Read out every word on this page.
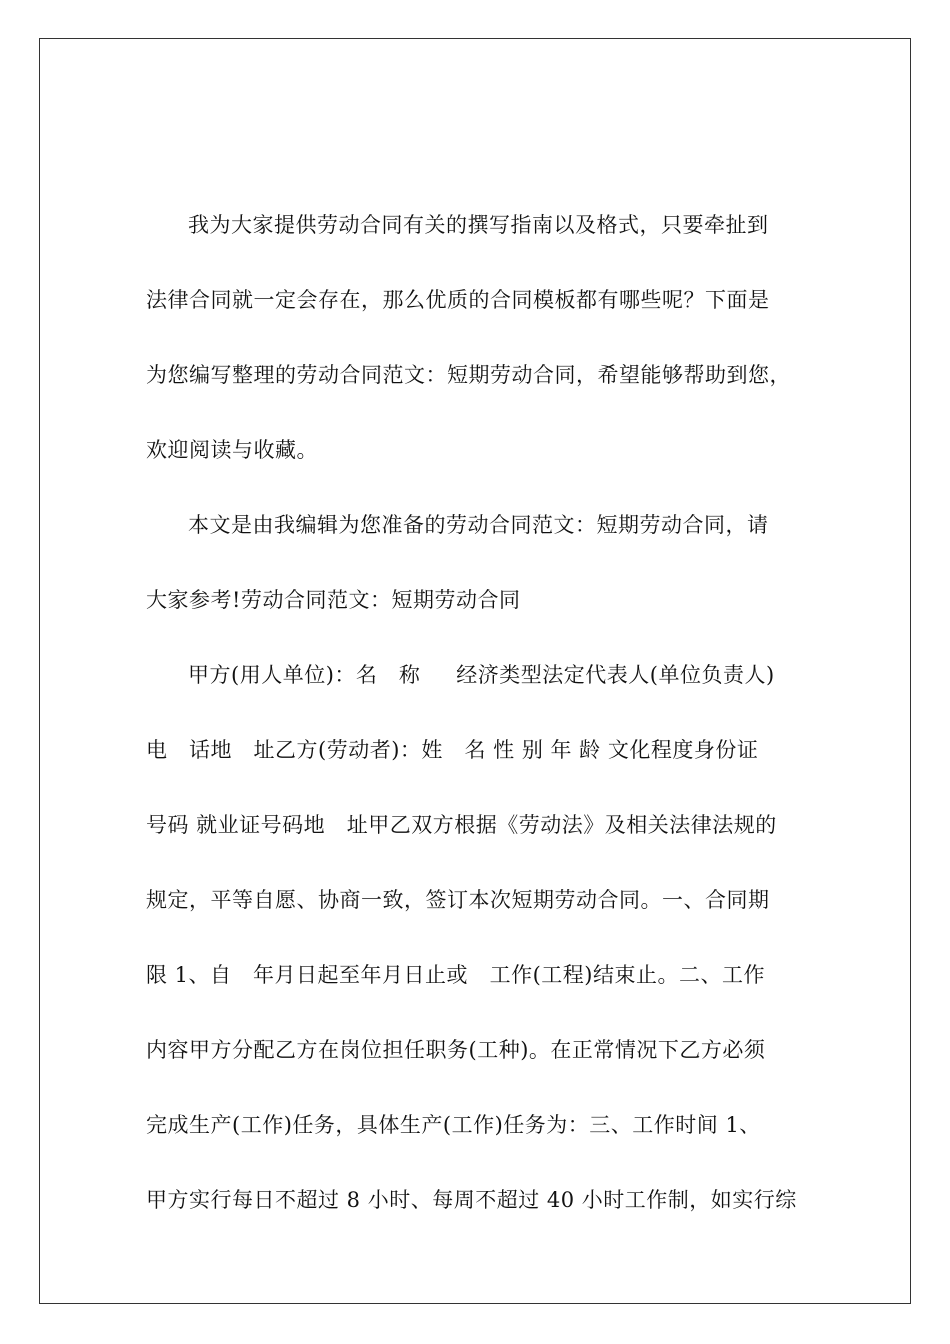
我为大家提供劳动合同有关的撰写指南以及格式，只要牵扯到
法律合同就一定会存在，那么优质的合同模板都有哪些呢？下面是
为您编写整理的劳动合同范文：短期劳动合同，希望能够帮助到您，
欢迎阅读与收藏。
本文是由我编辑为您准备的劳动合同范文：短期劳动合同，请
大家参考!劳动合同范文：短期劳动合同
甲方(用人单位)：名   称     经济类型法定代表人(单位负责人)
电   话地   址乙方(劳动者)：姓   名 性 别 年 龄 文化程度身份证
号码 就业证号码地   址甲乙双方根据《劳动法》及相关法律法规的
规定，平等自愿、协商一致，签订本次短期劳动合同。一、合同期
限 1、自   年月日起至年月日止或   工作(工程)结束止。二、工作
内容甲方分配乙方在岗位担任职务(工种)。在正常情况下乙方必须
完成生产(工作)任务，具体生产(工作)任务为：三、工作时间 1、
甲方实行每日不超过 8 小时、每周不超过 40 小时工作制，如实行综
